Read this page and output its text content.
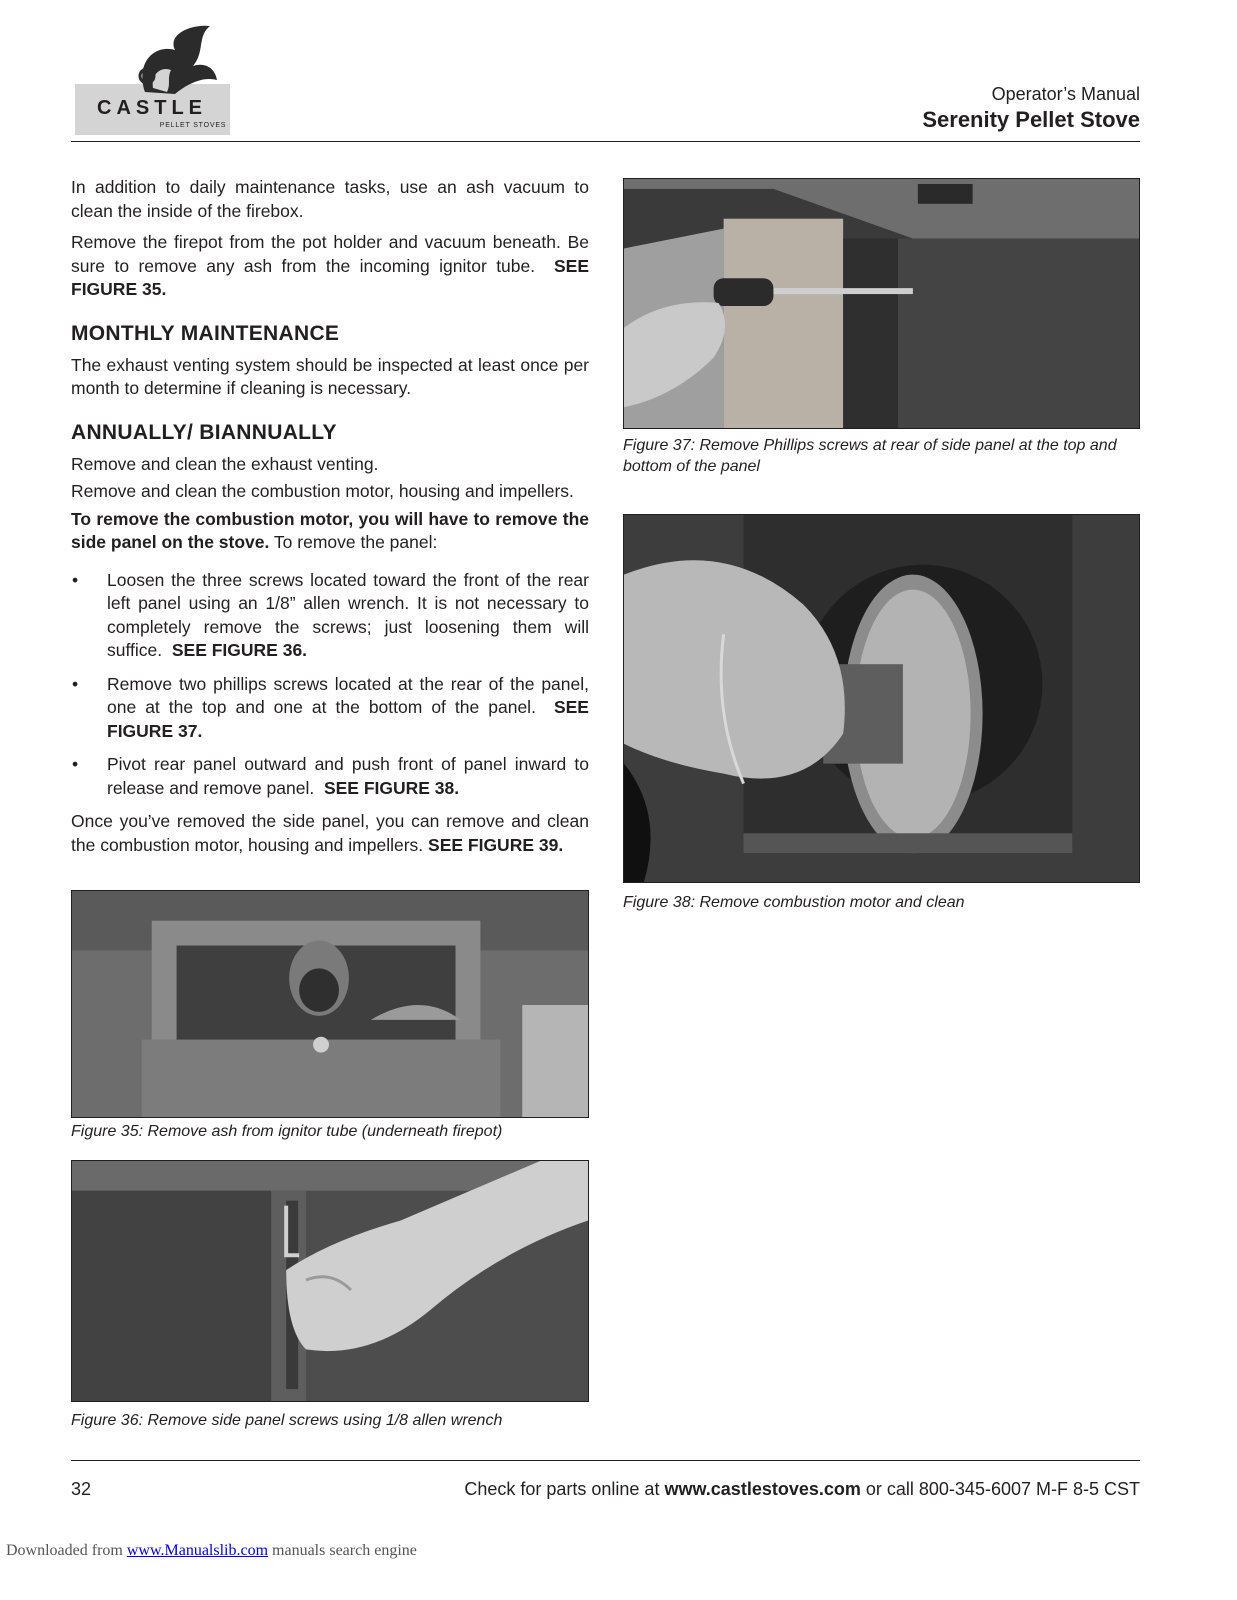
CASTLE
PELLET STOVES
Operator’s Manual
Serenity Pellet Stove

In addition to daily maintenance tasks, use an ash vacuum to clean the inside of the firebox.

Remove the firepot from the pot holder and vacuum beneath. Be sure to remove any ash from the incoming ignitor tube. SEE FIGURE 35.

MONTHLY MAINTENANCE

The exhaust venting system should be inspected at least once per month to determine if cleaning is necessary.

ANNUALLY/ BIANNUALLY

Remove and clean the exhaust venting.

Remove and clean the combustion motor, housing and impellers.

To remove the combustion motor, you will have to remove the side panel on the stove. To remove the panel:

• Loosen the three screws located toward the front of the rear left panel using an 1/8” allen wrench. It is not necessary to completely remove the screws; just loosening them will suffice. SEE FIGURE 36.
• Remove two phillips screws located at the rear of the panel, one at the top and one at the bottom of the panel. SEE FIGURE 37.
• Pivot rear panel outward and push front of panel inward to release and remove panel. SEE FIGURE 38.

Once you’ve removed the side panel, you can remove and clean the combustion motor, housing and impellers. SEE FIGURE 39.

Figure 35: Remove ash from ignitor tube (underneath firepot)
Figure 36: Remove side panel screws using 1/8 allen wrench
Figure 37: Remove Phillips screws at rear of side panel at the top and bottom of the panel
Figure 38: Remove combustion motor and clean
32	Check for parts online at www.castlestoves.com or call 800-345-6007 M-F 8-5 CST
Downloaded from www.Manualslib.com manuals search engine
